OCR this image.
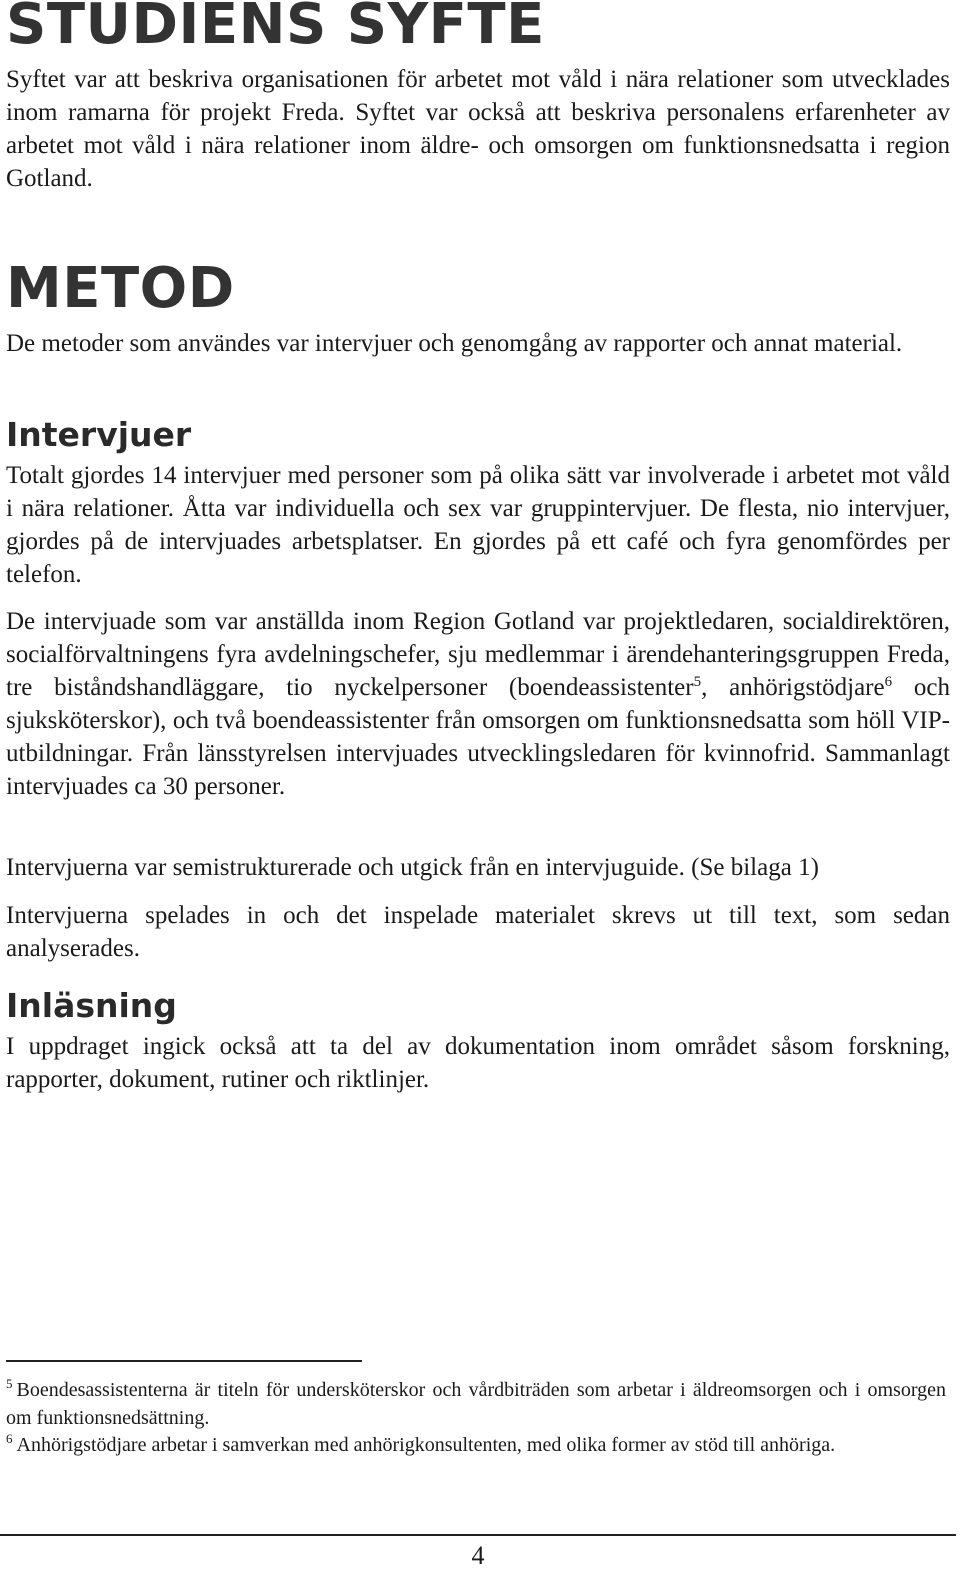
STUDIENS SYFTE

Syftet var att beskriva organisationen för arbetet mot våld i nära relationer som utvecklades inom ramarna för projekt Freda. Syftet var också att beskriva personalens erfarenheter av arbetet mot våld i nära relationer inom äldre- och omsorgen om funktionsnedsatta i region Gotland.

METOD

De metoder som användes var intervjuer och genomgång av rapporter och annat material.

Intervjuer

Totalt gjordes 14 intervjuer med personer som på olika sätt var involverade i arbetet mot våld i nära relationer. Åtta var individuella och sex var gruppintervjuer. De flesta, nio intervjuer, gjordes på de intervjuades arbetsplatser. En gjordes på ett café och fyra genomfördes per telefon.

De intervjuade som var anställda inom Region Gotland var projektledaren, socialdirektören, socialförvaltningens fyra avdelningschefer, sju medlemmar i ärendehanteringsgruppen Freda, tre biståndshandläggare, tio nyckelpersoner (boendeassistenter$^5$, anhörigstödjare$^6$ och sjuksköterskor), och två boendeassistenter från omsorgen om funktionsnedsatta som höll VIP-utbildningar. Från länsstyrelsen intervjuades utvecklingsledaren för kvinnofrid. Sammanlagt intervjuades ca 30 personer.

Intervjuerna var semistrukturerade och utgick från en intervjuguide. (Se bilaga 1)

Intervjuerna spelades in och det inspelade materialet skrevs ut till text, som sedan analyserades.

Inläsning

I uppdraget ingick också att ta del av dokumentation inom området såsom forskning, rapporter, dokument, rutiner och riktlinjer.

$^5$ Boendesassistenterna är titeln för undersköterskor och vårdbiträden som arbetar i äldreomsorgen och i omsorgen om funktionsnedsättning.

$^6$ Anhörigstödjare arbetar i samverkan med anhörigkonsultenten, med olika former av stöd till anhöriga.

4
